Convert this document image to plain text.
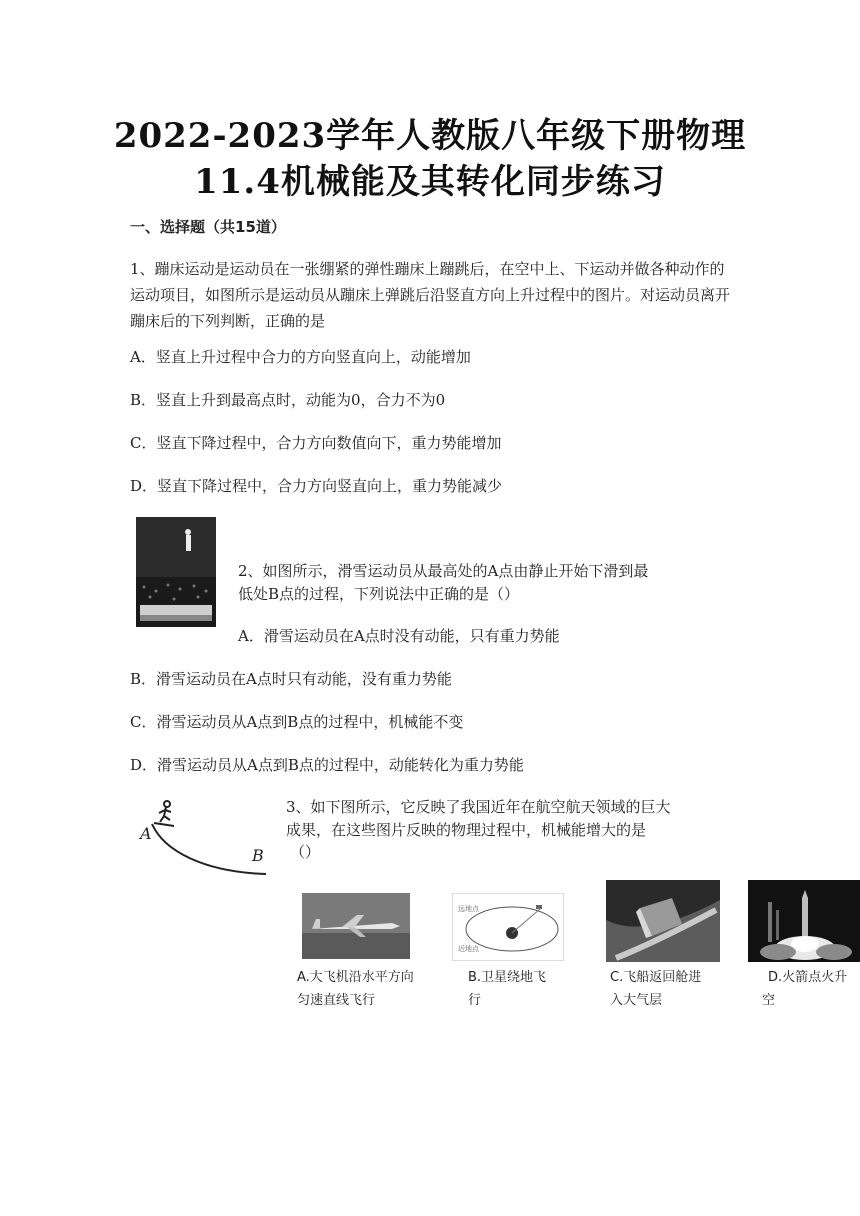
2022-2023学年人教版八年级下册物理
11.4机械能及其转化同步练习
一、选择题（共15道）
1、蹦床运动是运动员在一张绷紧的弹性蹦床上蹦跳后，在空中上、下运动并做各种动作的运动项目，如图所示是运动员从蹦床上弹跳后沿竖直方向上升过程中的图片。对运动员离开蹦床后的下列判断，正确的是
A．竖直上升过程中合力的方向竖直向上，动能增加
B．竖直上升到最高点时，动能为0，合力不为0
C．竖直下降过程中，合力方向数值向下，重力势能增加
D．竖直下降过程中，合力方向竖直向上，重力势能减少
2、如图所示，滑雪运动员从最高处的A点由静止开始下滑到最
低处B点的过程，下列说法中正确的是（）
A．滑雪运动员在A点时没有动能，只有重力势能
B．滑雪运动员在A点时只有动能，没有重力势能
C．滑雪运动员从A点到B点的过程中，机械能不变
D．滑雪运动员从A点到B点的过程中，动能转化为重力势能
A
B
3、如下图所示，它反映了我国近年在航空航天领域的巨大
成果，在这些图片反映的物理过程中，机械能增大的是
（）
A.大飞机沿水平方向
匀速直线飞行
远地点
近地点
B.卫星绕地飞
行
C.飞船返回舱进
入大气层
D.火箭点火升
空
